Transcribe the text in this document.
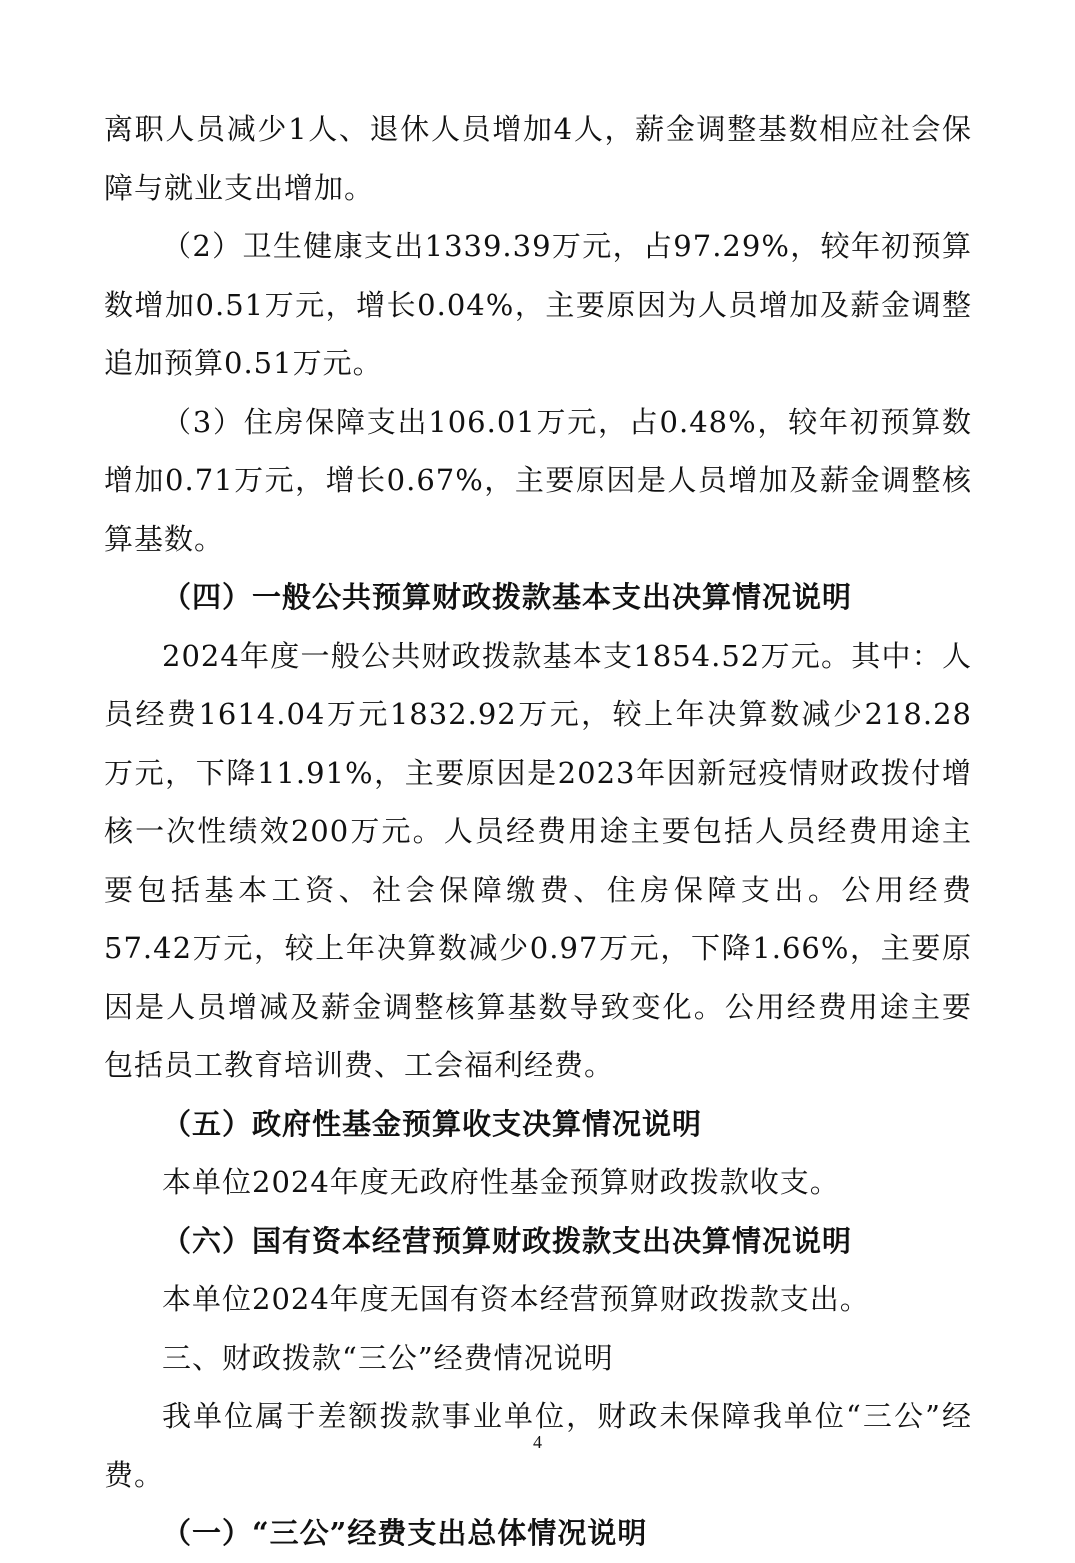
离职人员减少1人、退休人员增加4人，薪金调整基数相应社会保障与就业支出增加。

（2）卫生健康支出1339.39万元，占97.29%，较年初预算数增加0.51万元，增长0.04%，主要原因为人员增加及薪金调整追加预算0.51万元。

（3）住房保障支出106.01万元，占0.48%，较年初预算数增加0.71万元，增长0.67%，主要原因是人员增加及薪金调整核算基数。

（四）一般公共预算财政拨款基本支出决算情况说明

2024年度一般公共财政拨款基本支1854.52万元。其中：人员经费1614.04万元1832.92万元，较上年决算数减少218.28万元，下降11.91%，主要原因是2023年因新冠疫情财政拨付增核一次性绩效200万元。人员经费用途主要包括人员经费用途主要包括基本工资、社会保障缴费、住房保障支出。公用经费57.42万元，较上年决算数减少0.97万元，下降1.66%，主要原因是人员增减及薪金调整核算基数导致变化。公用经费用途主要包括员工教育培训费、工会福利经费。

（五）政府性基金预算收支决算情况说明

本单位2024年度无政府性基金预算财政拨款收支。

（六）国有资本经营预算财政拨款支出决算情况说明

本单位2024年度无国有资本经营预算财政拨款支出。

三、财政拨款“三公”经费情况说明

我单位属于差额拨款事业单位，财政未保障我单位“三公”经费。

（一）“三公”经费支出总体情况说明

4
